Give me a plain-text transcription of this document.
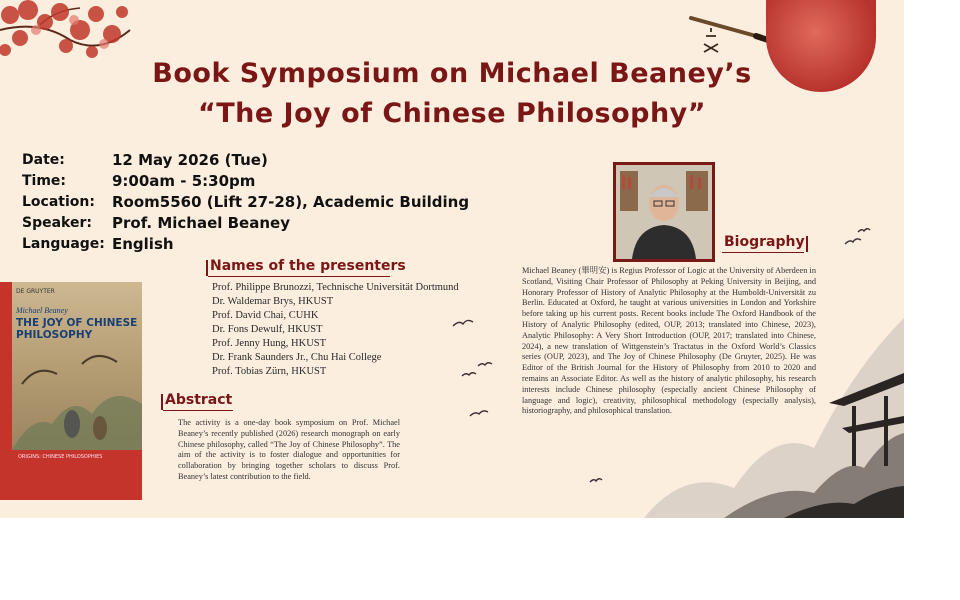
Book Symposium on Michael Beaney’s
“The Joy of Chinese Philosophy”
Date:	12 May 2026 (Tue)
Time:	9:00am - 5:30pm
Location:	Room5560 (Lift 27-28), Academic Building
Speaker:	Prof. Michael Beaney
Language: English
Names of the presenters
Prof. Philippe Brunozzi, Technische Universität Dortmund
Dr. Waldemar Brys, HKUST
Prof. David Chai, CUHK
Dr. Fons Dewulf, HKUST
Prof. Jenny Hung, HKUST
Dr. Frank Saunders Jr., Chu Hai College
Prof. Tobias Zürn, HKUST
DE GRUYTER
Michael Beaney
THE JOY OF CHINESE PHILOSOPHY
ORIGINS: CHINESE PHILOSOPHIES
Abstract
The activity is a one-day book symposium on Prof. Michael Beaney’s recently published (2026) research monograph on early Chinese philosophy, called “The Joy of Chinese Philosophy”. The aim of the activity is to foster dialogue and opportunities for collaboration by bringing together scholars to discuss Prof. Beaney’s latest contribution to the field.
Biography
Michael Beaney (畢明安) is Regius Professor of Logic at the University of Aberdeen in Scotland, Visiting Chair Professor of Philosophy at Peking University in Beijing, and Honorary Professor of History of Analytic Philosophy at the Humboldt-Universität zu Berlin. Educated at Oxford, he taught at various universities in London and Yorkshire before taking up his current posts. Recent books include The Oxford Handbook of the History of Analytic Philosophy (edited, OUP, 2013; translated into Chinese, 2023), Analytic Philosophy: A Very Short Introduction (OUP, 2017; translated into Chinese, 2024), a new translation of Wittgenstein’s Tractatus in the Oxford World’s Classics series (OUP, 2023), and The Joy of Chinese Philosophy (De Gruyter, 2025). He was Editor of the British Journal for the History of Philosophy from 2010 to 2020 and remains an Associate Editor. As well as the history of analytic philosophy, his research interests include Chinese philosophy (especially ancient Chinese Philosophy of language and logic), creativity, philosophical methodology (especially analysis), historiography, and philosophical translation.
